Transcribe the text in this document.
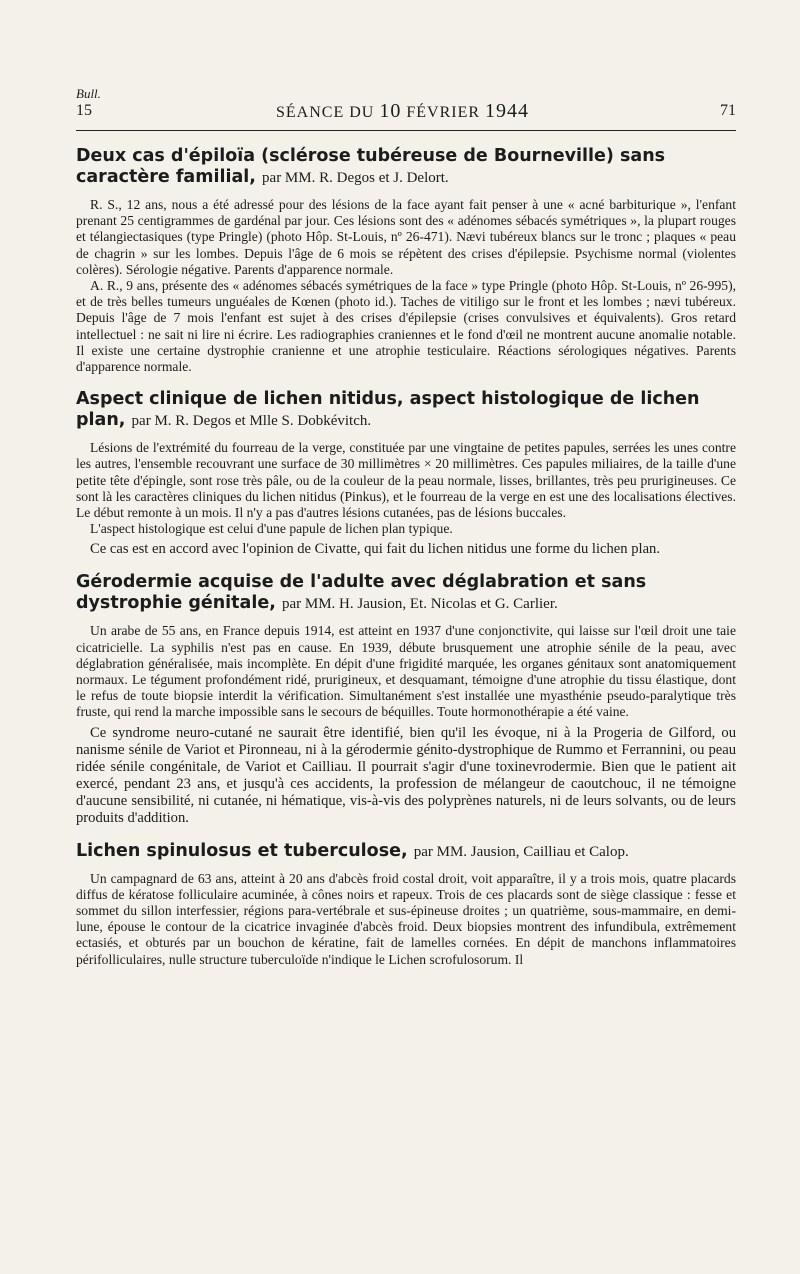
Bull.
15	SÉANCE DU 10 FÉVRIER 1944	71
Deux cas d'épiloïa (sclérose tubéreuse de Bourneville) sans caractère familial, par MM. R. Degos et J. Delort.

R. S., 12 ans, nous a été adressé pour des lésions de la face ayant fait penser à une « acné barbiturique », l'enfant prenant 25 centigrammes de gardénal par jour. Ces lésions sont des « adénomes sébacés symétriques », la plupart rouges et télangiectasiques (type Pringle) (photo Hôp. St-Louis, nº 26-471). Nævi tubéreux blancs sur le tronc ; plaques « peau de chagrin » sur les lombes. Depuis l'âge de 6 mois se répètent des crises d'épilepsie. Psychisme normal (violentes colères). Sérologie négative. Parents d'apparence normale.

A. R., 9 ans, présente des « adénomes sébacés symétriques de la face » type Pringle (photo Hôp. St-Louis, nº 26-995), et de très belles tumeurs unguéales de Kœnen (photo id.). Taches de vitiligo sur le front et les lombes ; nævi tubéreux. Depuis l'âge de 7 mois l'enfant est sujet à des crises d'épilepsie (crises convulsives et équivalents). Gros retard intellectuel : ne sait ni lire ni écrire. Les radiographies craniennes et le fond d'œil ne montrent aucune anomalie notable. Il existe une certaine dystrophie cranienne et une atrophie testiculaire. Réactions sérologiques négatives. Parents d'apparence normale.

Aspect clinique de lichen nitidus, aspect histologique de lichen plan, par M. R. Degos et Mlle S. Dobkévitch.

Lésions de l'extrémité du fourreau de la verge, constituée par une vingtaine de petites papules, serrées les unes contre les autres, l'ensemble recouvrant une surface de 30 millimètres × 20 millimètres. Ces papules miliaires, de la taille d'une petite tête d'épingle, sont rose très pâle, ou de la couleur de la peau normale, lisses, brillantes, très peu prurigineuses. Ce sont là les caractères cliniques du lichen nitidus (Pinkus), et le fourreau de la verge en est une des localisations électives. Le début remonte à un mois. Il n'y a pas d'autres lésions cutanées, pas de lésions buccales.

L'aspect histologique est celui d'une papule de lichen plan typique.

Ce cas est en accord avec l'opinion de Civatte, qui fait du lichen nitidus une forme du lichen plan.

Gérodermie acquise de l'adulte avec déglabration et sans dystrophie génitale, par MM. H. Jausion, Et. Nicolas et G. Carlier.

Un arabe de 55 ans, en France depuis 1914, est atteint en 1937 d'une conjonctivite, qui laisse sur l'œil droit une taie cicatricielle. La syphilis n'est pas en cause. En 1939, débute brusquement une atrophie sénile de la peau, avec déglabration généralisée, mais incomplète. En dépit d'une frigidité marquée, les organes génitaux sont anatomiquement normaux. Le tégument profondément ridé, prurigineux, et desquamant, témoigne d'une atrophie du tissu élastique, dont le refus de toute biopsie interdit la vérification. Simultanément s'est installée une myasthénie pseudo-paralytique très fruste, qui rend la marche impossible sans le secours de béquilles. Toute hormonothérapie a été vaine.

Ce syndrome neuro-cutané ne saurait être identifié, bien qu'il les évoque, ni à la Progeria de Gilford, ou nanisme sénile de Variot et Pironneau, ni à la gérodermie génito-dystrophique de Rummo et Ferrannini, ou peau ridée sénile congénitale, de Variot et Cailliau. Il pourrait s'agir d'une toxinevrodermie. Bien que le patient ait exercé, pendant 23 ans, et jusqu'à ces accidents, la profession de mélangeur de caoutchouc, il ne témoigne d'aucune sensibilité, ni cutanée, ni hématique, vis-à-vis des polyprènes naturels, ni de leurs solvants, ou de leurs produits d'addition.

Lichen spinulosus et tuberculose, par MM. Jausion, Cailliau et Calop.

Un campagnard de 63 ans, atteint à 20 ans d'abcès froid costal droit, voit apparaître, il y a trois mois, quatre placards diffus de kératose folliculaire acuminée, à cônes noirs et rapeux. Trois de ces placards sont de siège classique : fesse et sommet du sillon interfessier, régions para-vertébrale et sus-épineuse droites ; un quatrième, sous-mammaire, en demi-lune, épouse le contour de la cicatrice invaginée d'abcès froid. Deux biopsies montrent des infundibula, extrêmement ectasiés, et obturés par un bouchon de kératine, fait de lamelles cornées. En dépit de manchons inflammatoires périfolliculaires, nulle structure tuberculoïde n'indique le Lichen scrofulosorum. Il
